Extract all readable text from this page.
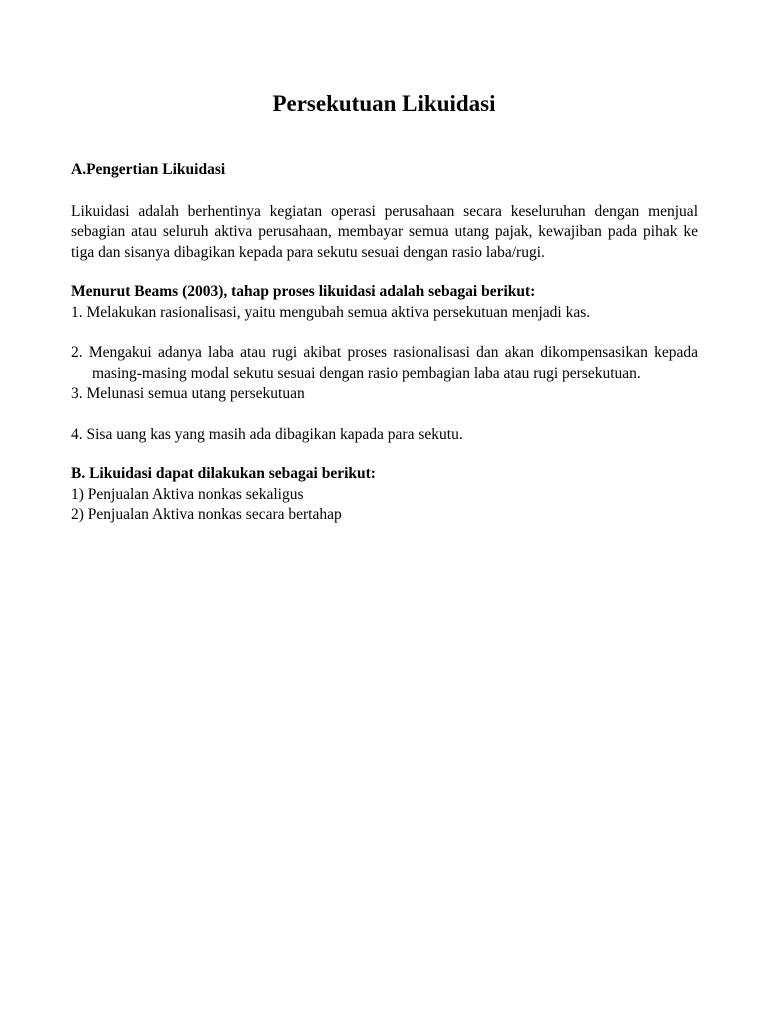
Persekutuan Likuidasi

A.Pengertian Likuidasi

Likuidasi adalah berhentinya kegiatan operasi perusahaan secara keseluruhan dengan menjual sebagian atau seluruh aktiva perusahaan, membayar semua utang pajak, kewajiban pada pihak ke tiga dan sisanya dibagikan kepada para sekutu sesuai dengan rasio laba/rugi.

Menurut Beams (2003), tahap proses likuidasi adalah sebagai berikut:

1. Melakukan rasionalisasi, yaitu mengubah semua aktiva persekutuan menjadi kas.
2. Mengakui adanya laba atau rugi akibat proses rasionalisasi dan akan dikompensasikan kepada masing-masing modal sekutu sesuai dengan rasio pembagian laba atau rugi persekutuan.
3. Melunasi semua utang persekutuan
4. Sisa uang kas yang masih ada dibagikan kapada para sekutu.

B. Likuidasi dapat dilakukan sebagai berikut:

1) Penjualan Aktiva nonkas sekaligus
2) Penjualan Aktiva nonkas secara bertahap
